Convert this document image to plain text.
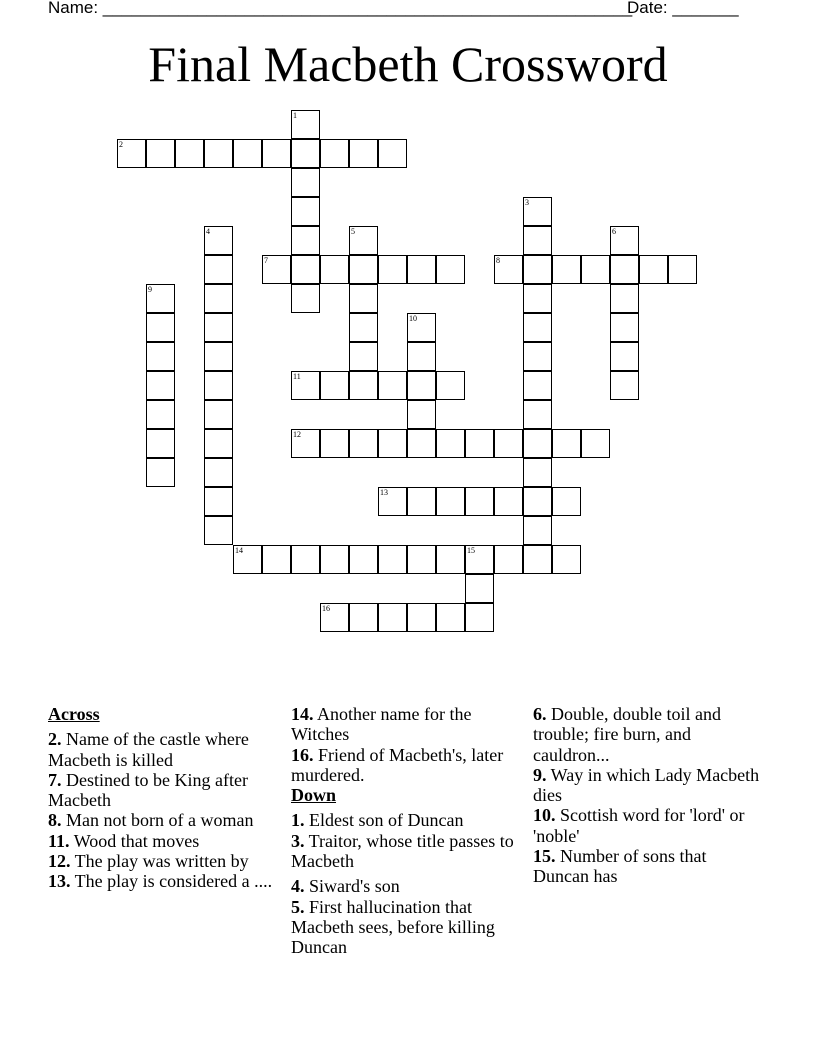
Name: ________________________________________________________
Date: _______
Final Macbeth Crossword
1
2
3
4	5	6
7	8
9
10
11
12
13
14	15
16
Across
2. Name of the castle where Macbeth is killed
7. Destined to be King after Macbeth
8. Man not born of a woman
11. Wood that moves
12. The play was written by
13. The play is considered a ....
14. Another name for the Witches
16. Friend of Macbeth's, later murdered.
Down
1. Eldest son of Duncan
3. Traitor, whose title passes to Macbeth
4. Siward's son
5. First hallucination that Macbeth sees, before killing Duncan
6. Double, double toil and trouble; fire burn, and cauldron...
9. Way in which Lady Macbeth dies
10. Scottish word for 'lord' or 'noble'
15. Number of sons that Duncan has
